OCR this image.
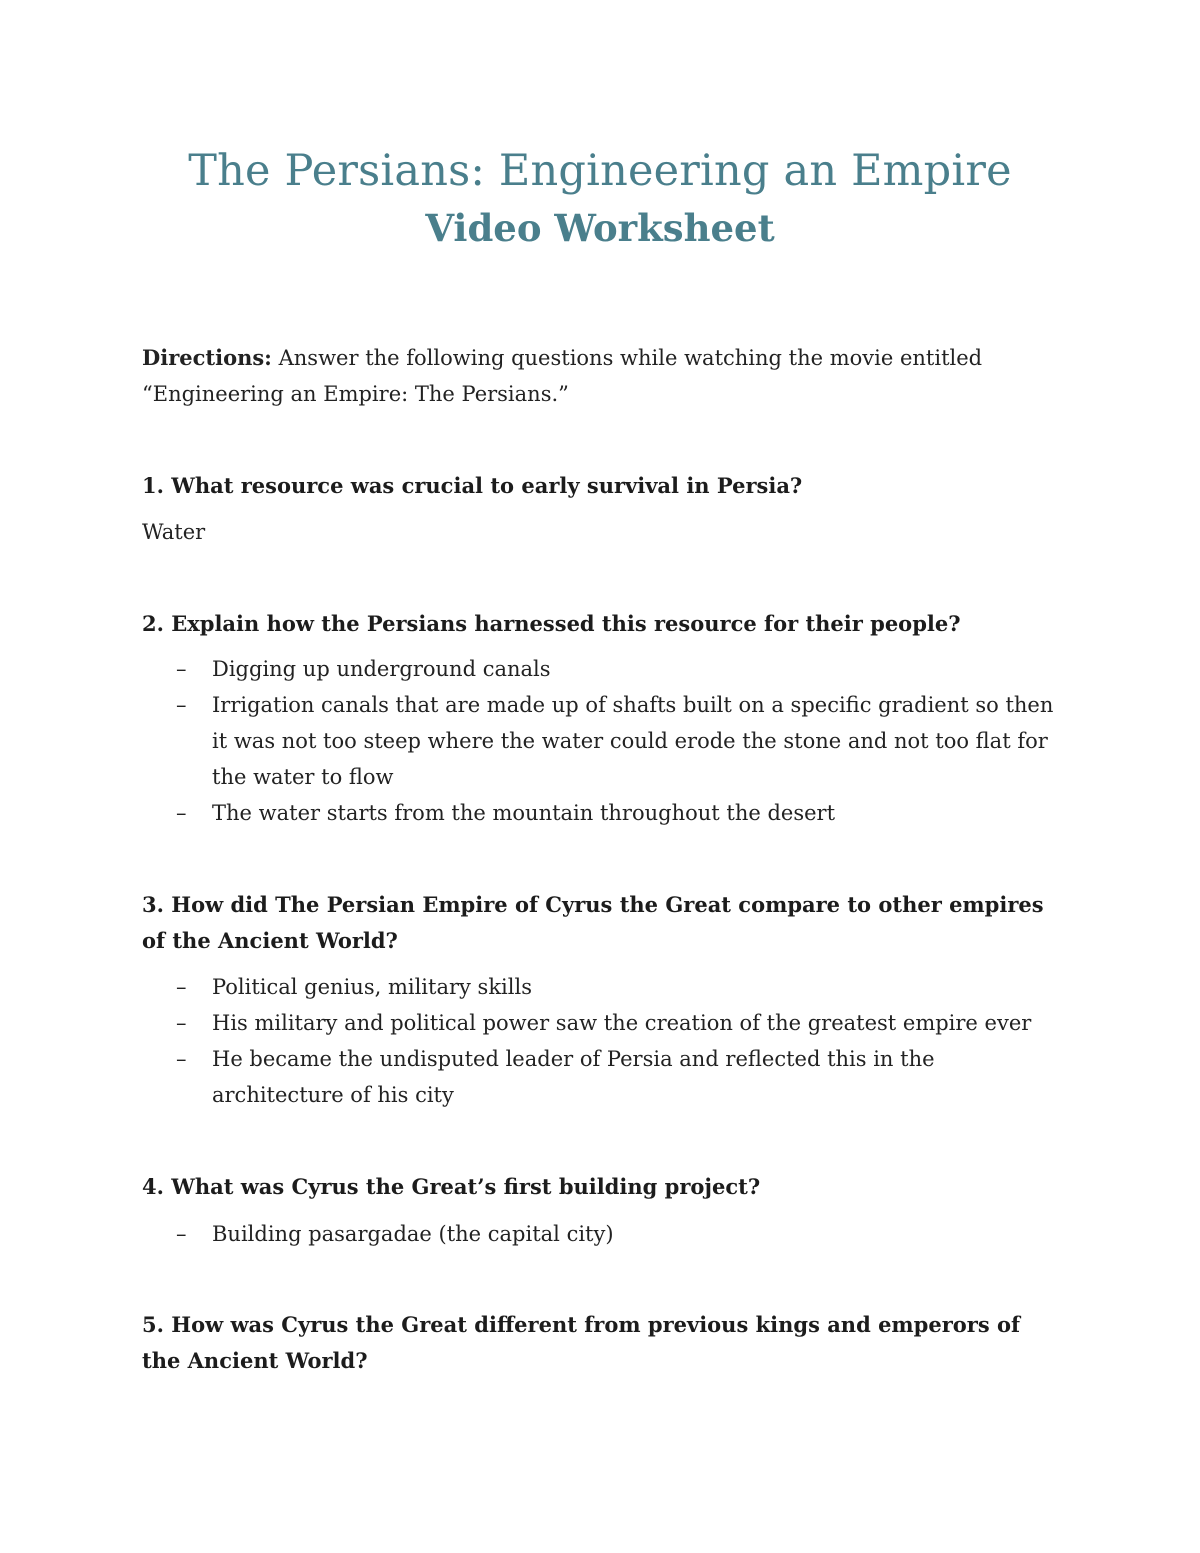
The Persians: Engineering an Empire
Video Worksheet
Directions: Answer the following questions while watching the movie entitled
“Engineering an Empire: The Persians.”
1. What resource was crucial to early survival in Persia?
Water
2. Explain how the Persians harnessed this resource for their people?
– Digging up underground canals
– Irrigation canals that are made up of shafts built on a specific gradient so then it was not too steep where the water could erode the stone and not too flat for the water to flow
– The water starts from the mountain throughout the desert
3. How did The Persian Empire of Cyrus the Great compare to other empires of the Ancient World?
– Political genius, military skills
– His military and political power saw the creation of the greatest empire ever
– He became the undisputed leader of Persia and reflected this in the architecture of his city
4. What was Cyrus the Great’s first building project?
– Building pasargadae (the capital city)
5. How was Cyrus the Great different from previous kings and emperors of the Ancient World?
